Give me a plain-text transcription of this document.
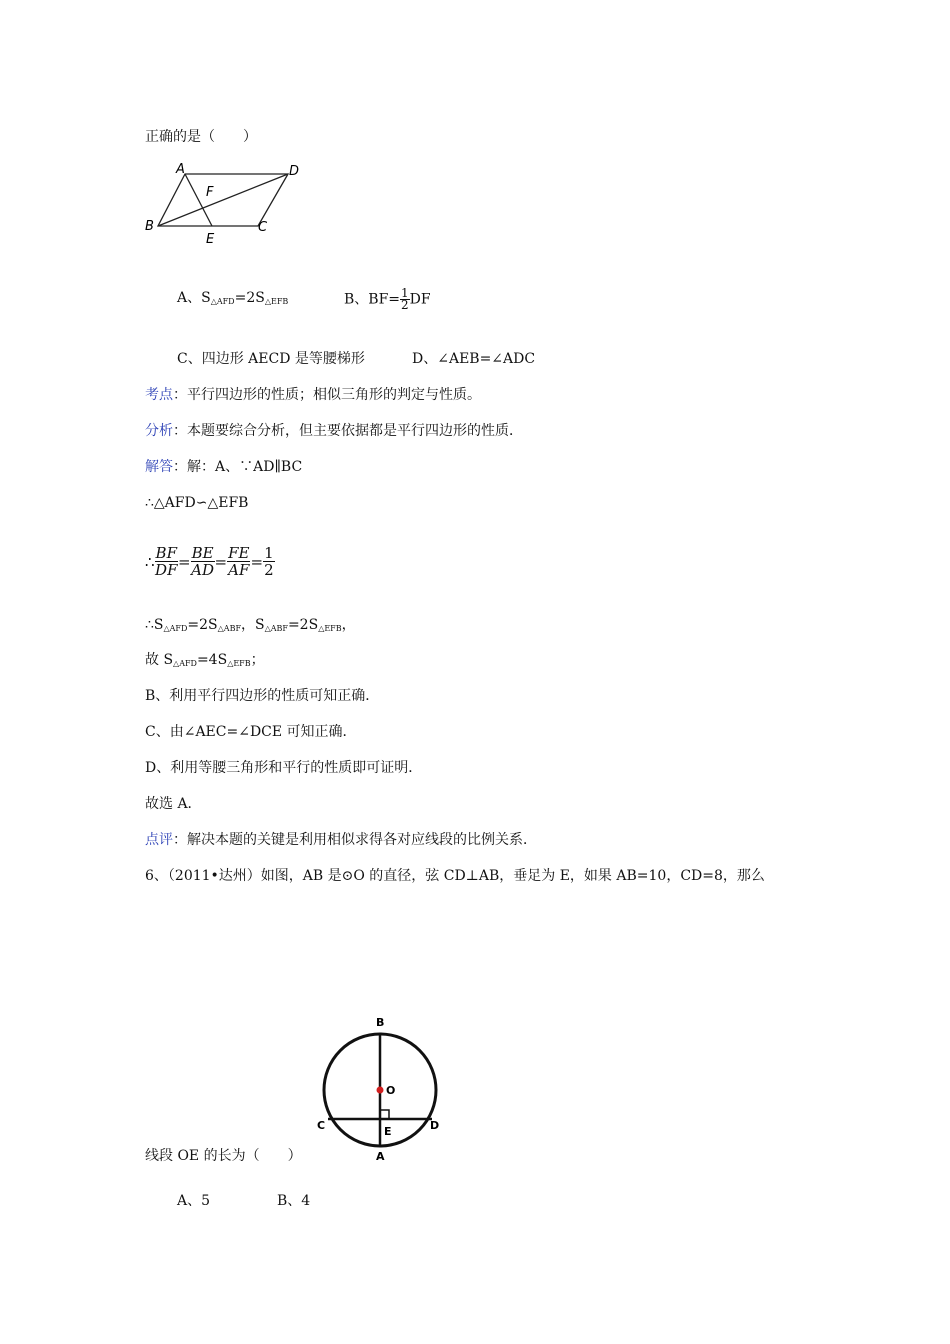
正确的是（　　）
A	D
F
B
E
C
A、$S_{\triangle AFD}=2S_{\triangle EFB}$	B、$BF= \frac{1}{2}$ DF
C、四边形 AECD 是等腰梯形	D、∠AEB=∠ADC
考点：平行四边形的性质；相似三角形的判定与性质。
分析：本题要综合分析，但主要依据都是平行四边形的性质．
解答：解：A、∵AD∥BC
∴△AFD∽△EFB
∴ $\frac{BF}{DF} = \frac{BE}{AD} = \frac{FE}{AF} = \frac{1}{2}$
$\therefore S_{\triangle AFD}=2S_{\triangle ABF}$，$S_{\triangle ABF}=2S_{\triangle EFB}$，
故 $S_{\triangle AFD}=4S_{\triangle EFB}$；
B、利用平行四边形的性质可知正确．
C、由∠AEC=∠DCE 可知正确．
D、利用等腰三角形和平行的性质即可证明．
故选 A．
点评：解决本题的关键是利用相似求得各对应线段的比例关系．
6、（2011•达州）如图，AB 是⊙O 的直径，弦 CD⊥AB，垂足为 E，如果 AB=10，CD=8，那么
B
O
C	E	D
A
线段 OE 的长为（　　）
A、5	B、4
